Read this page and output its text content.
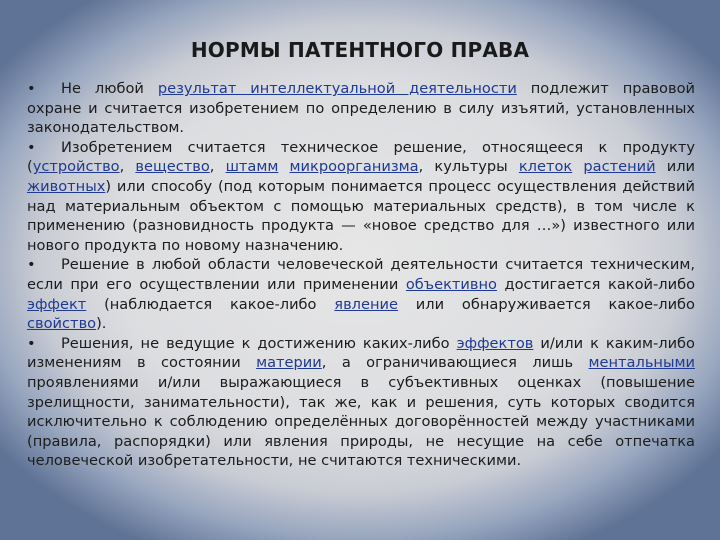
НОРМЫ ПАТЕНТНОГО ПРАВА

• Не любой результат интеллектуальной деятельности подлежит правовой охране и считается изобретением по определению в силу изъятий, установленных законодательством.

• Изобретением считается техническое решение, относящееся к продукту (устройство, вещество, штамм микроорганизма, культуры клеток растений или животных) или способу (под которым понимается процесс осуществления действий над материальным объектом с помощью материальных средств), в том числе к применению (разновидность продукта — «новое средство для …») известного или нового продукта по новому назначению.

• Решение в любой области человеческой деятельности считается техническим, если при его осуществлении или применении объективно достигается какой-либо эффект (наблюдается какое-либо явление или обнаруживается какое-либо свойство).

• Решения, не ведущие к достижению каких-либо эффектов и/или к каким-либо изменениям в состоянии материи, а ограничивающиеся лишь ментальными проявлениями и/или выражающиеся в субъективных оценках (повышение зрелищности, занимательности), так же, как и решения, суть которых сводится исключительно к соблюдению определённых договорённостей между участниками (правила, распорядки) или явления природы, не несущие на себе отпечатка человеческой изобретательности, не считаются техническими.
